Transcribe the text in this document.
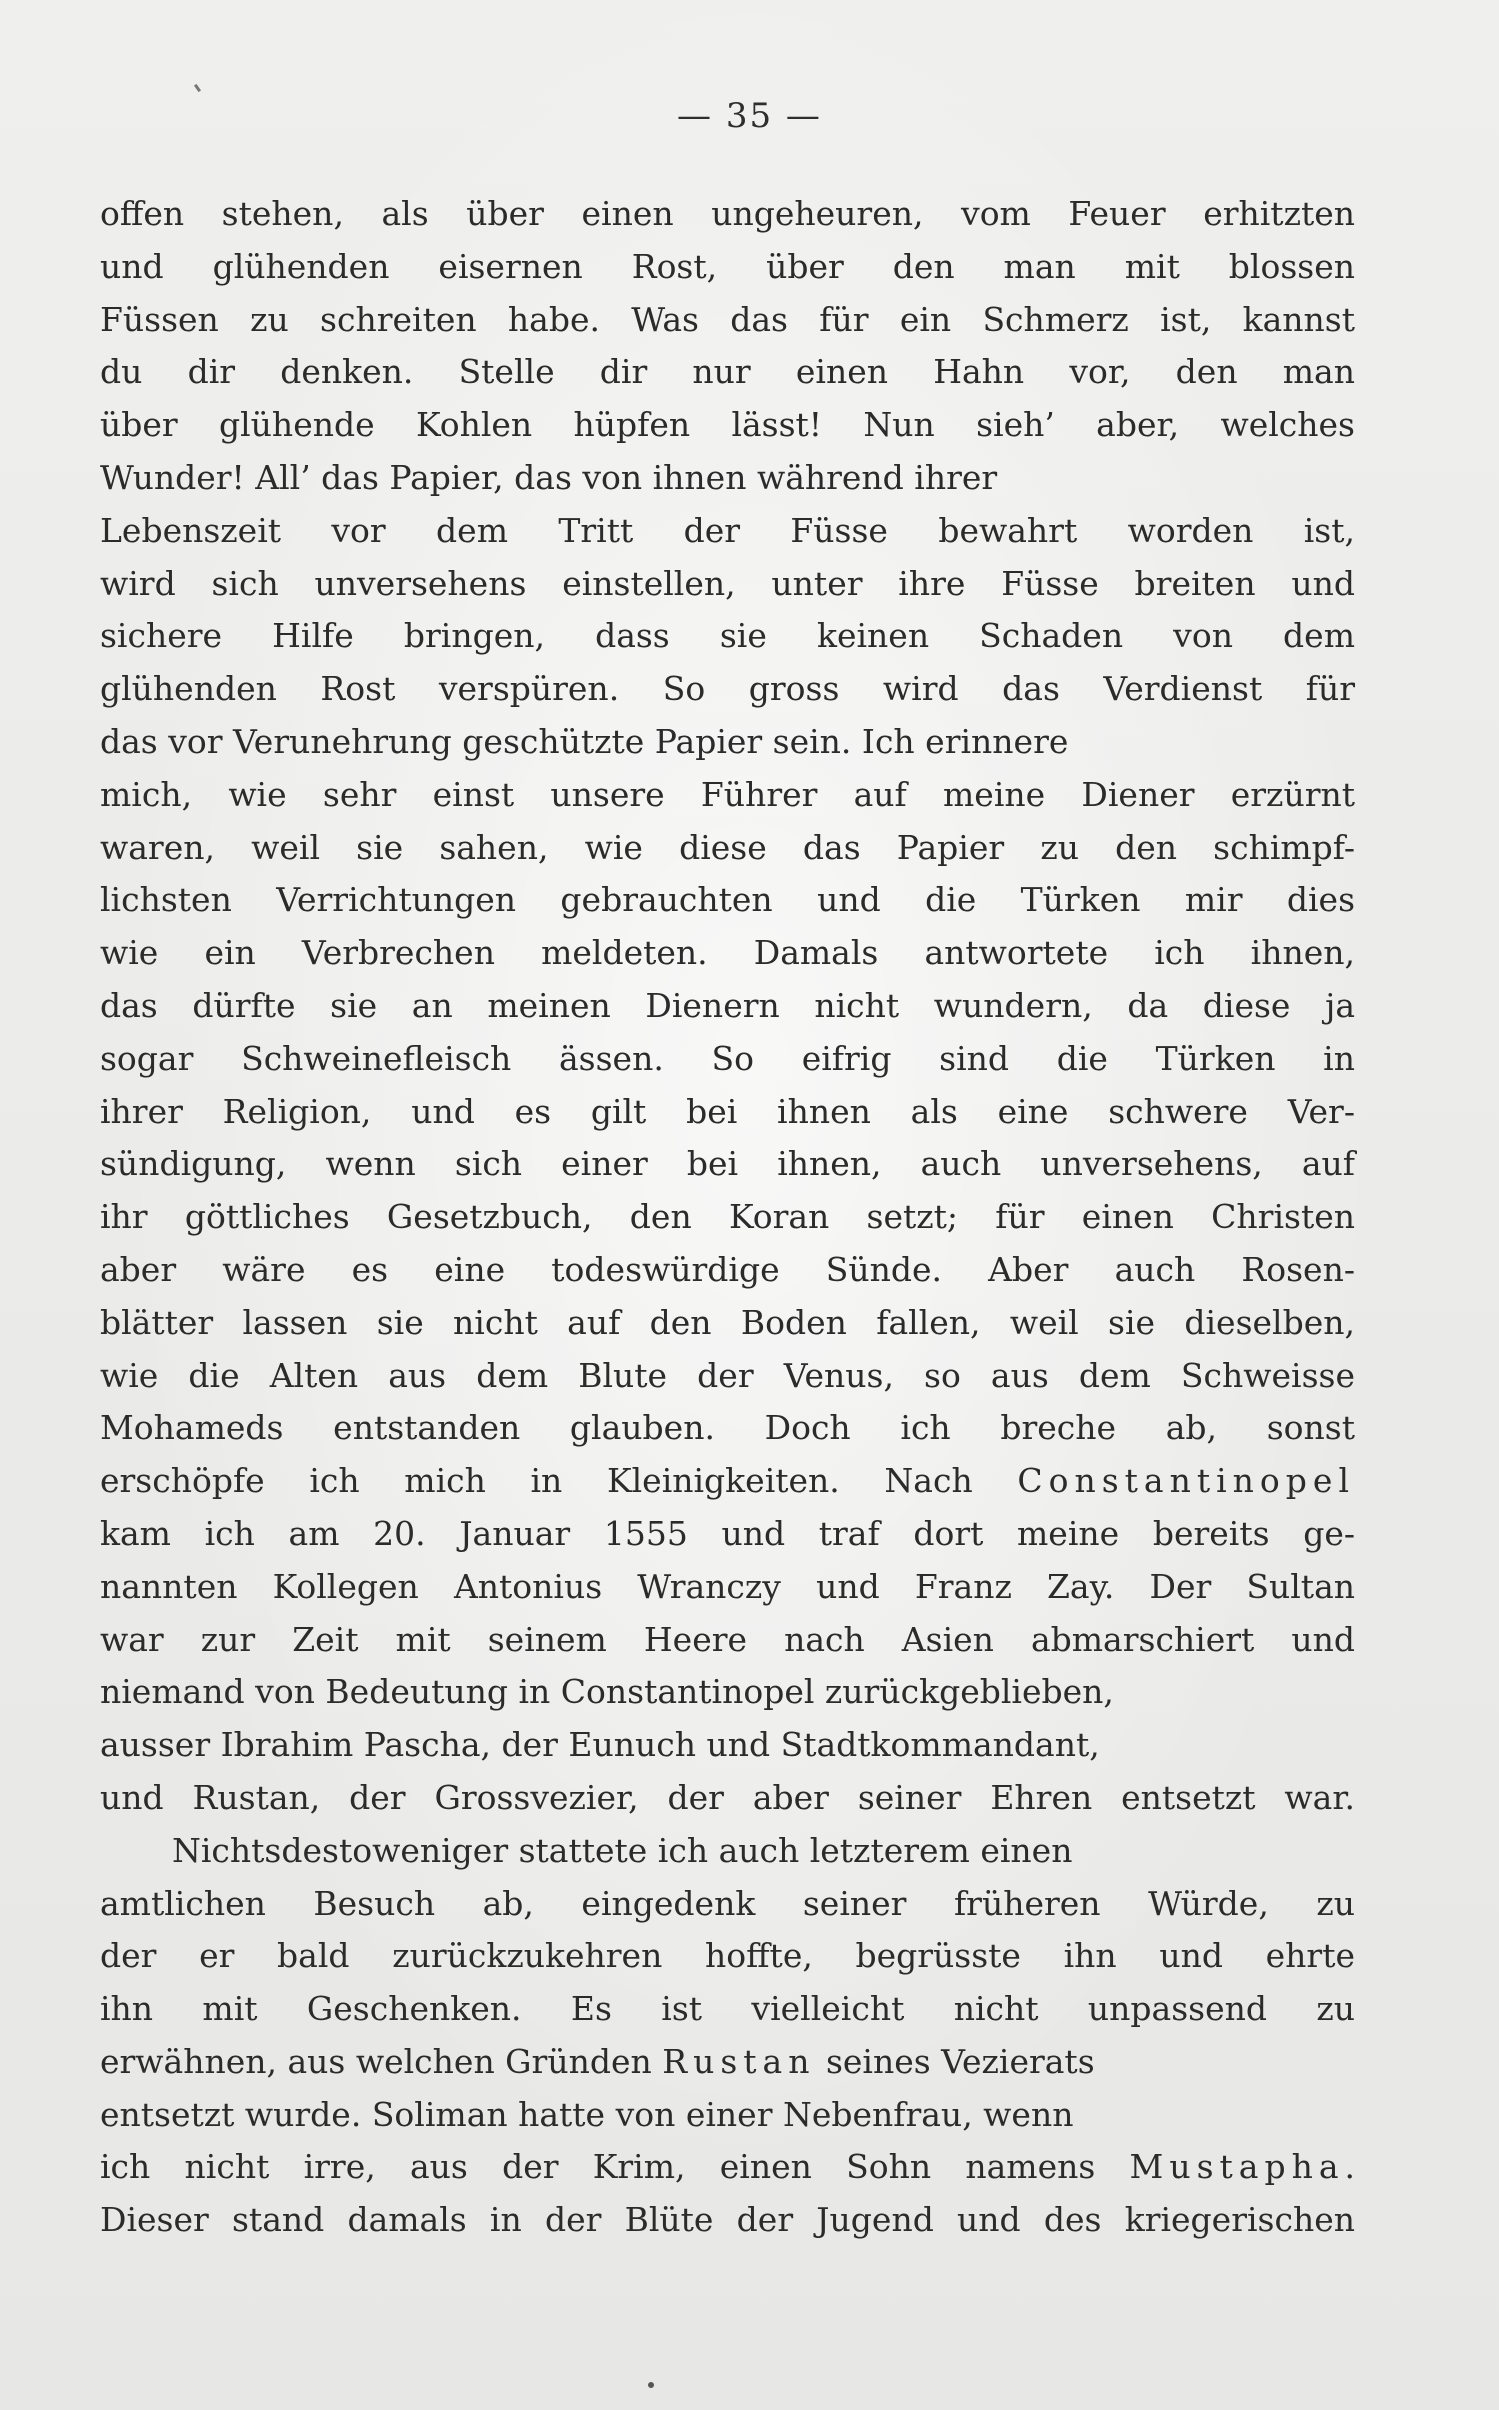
— 35 —
offen stehen, als über einen ungeheuren, vom Feuer erhitzten
und glühenden eisernen Rost, über den man mit blossen
Füssen zu schreiten habe. Was das für ein Schmerz ist, kannst
du dir denken. Stelle dir nur einen Hahn vor, den man
über glühende Kohlen hüpfen lässt! Nun sieh’ aber, welches
Wunder! All’ das Papier, das von ihnen während ihrer
Lebenszeit vor dem Tritt der Füsse bewahrt worden ist,
wird sich unversehens einstellen, unter ihre Füsse breiten und
sichere Hilfe bringen, dass sie keinen Schaden von dem
glühenden Rost verspüren. So gross wird das Verdienst für
das vor Verunehrung geschützte Papier sein. Ich erinnere
mich, wie sehr einst unsere Führer auf meine Diener erzürnt
waren, weil sie sahen, wie diese das Papier zu den schimpf-
lichsten Verrichtungen gebrauchten und die Türken mir dies
wie ein Verbrechen meldeten. Damals antwortete ich ihnen,
das dürfte sie an meinen Dienern nicht wundern, da diese ja
sogar Schweinefleisch ässen. So eifrig sind die Türken in
ihrer Religion, und es gilt bei ihnen als eine schwere Ver-
sündigung, wenn sich einer bei ihnen, auch unversehens, auf
ihr göttliches Gesetzbuch, den Koran setzt; für einen Christen
aber wäre es eine todeswürdige Sünde. Aber auch Rosen-
blätter lassen sie nicht auf den Boden fallen, weil sie dieselben,
wie die Alten aus dem Blute der Venus, so aus dem Schweisse
Mohameds entstanden glauben. Doch ich breche ab, sonst
erschöpfe ich mich in Kleinigkeiten. Nach Constantinopel
kam ich am 20. Januar 1555 und traf dort meine bereits ge-
nannten Kollegen Antonius Wranczy und Franz Zay. Der Sultan
war zur Zeit mit seinem Heere nach Asien abmarschiert und
niemand von Bedeutung in Constantinopel zurückgeblieben,
ausser Ibrahim Pascha, der Eunuch und Stadtkommandant,
und Rustan, der Grossvezier, der aber seiner Ehren entsetzt war.
Nichtsdestoweniger stattete ich auch letzterem einen
amtlichen Besuch ab, eingedenk seiner früheren Würde, zu
der er bald zurückzukehren hoffte, begrüsste ihn und ehrte
ihn mit Geschenken. Es ist vielleicht nicht unpassend zu
erwähnen, aus welchen Gründen Rustan seines Vezierats
entsetzt wurde. Soliman hatte von einer Nebenfrau, wenn
ich nicht irre, aus der Krim, einen Sohn namens Mustapha.
Dieser stand damals in der Blüte der Jugend und des kriegerischen
